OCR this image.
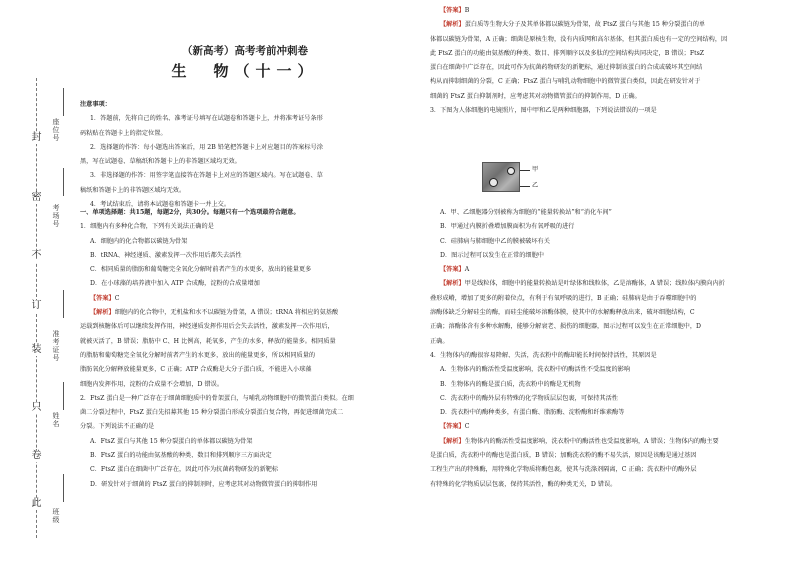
封
密
不
订
装
只
卷
此
座位号
考场号
准考证号
姓名
班级
（新高考）高考考前冲刺卷
生　物（十一）
注意事项：
1．答题前，先将自己的姓名、准考证号填写在试题卷和答题卡上，并将准考证号条形
码粘贴在答题卡上的指定位置。
2．选择题的作答：每小题选出答案后，用 2B 铅笔把答题卡上对应题目的答案标号涂
黑，写在试题卷、草稿纸和答题卡上的非答题区域均无效。
3．非选择题的作答：用签字笔直接答在答题卡上对应的答题区域内。写在试题卷、草
稿纸和答题卡上的非答题区域均无效。
4．考试结束后，请将本试题卷和答题卡一并上交。
一、单项选择题：共15题，每题2分，共30分。每题只有一个选项最符合题意。
1．细胞内有多种化合物，下列有关说法正确的是
A．细胞内的化合物都以碳链为骨架
B．tRNA、神经递质、激素发挥一次作用后都失去活性
C．相同质量的脂肪和葡萄糖完全氧化分解时前者产生的水更多，放出的能量更多
D．在小球藻的培养液中加入 ATP 合成酶，淀粉的合成量增加
【答案】C
【解析】细胞内的化合物中，无机盐和水不以碳链为骨架，A 错误；tRNA 将相应的氨基酸
运载到核糖体后可以继续发挥作用，神经递质发挥作用后会失去活性，激素发挥一次作用后，
就被灭活了，B 错误；脂肪中 C、H 比例高，耗氧多，产生的水多，释放的能量多。相同质量
的脂肪和葡萄糖完全氧化分解时前者产生的水更多，放出的能量更多，所以相同质量的
脂肪氧化分解释放能量更多，C 正确；ATP 合成酶是大分子蛋白质，不能进入小球藻
细胞内发挥作用，淀粉的合成量不会增加，D 错误。
2．FtsZ 蛋白是一种广泛存在于细菌细胞质中的骨架蛋白，与哺乳动物细胞中的微管蛋白类似。在细
菌二分裂过程中，FtsZ 蛋白先招募其他 15 种分裂蛋白形成分裂蛋白复合物，再促进细菌完成二
分裂。下列说法不正确的是
A．FtsZ 蛋白与其他 15 种分裂蛋白的单体都以碳链为骨架
B．FtsZ 蛋白的功能由氨基酸的种类、数目和排列顺序三方面决定
C．FtsZ 蛋白在细菌中广泛存在，因此可作为抗菌药物研发的新靶标
D．研发针对于细菌的 FtsZ 蛋白的抑制剂时，应考虑其对动物微管蛋白的抑制作用
【答案】B
【解析】蛋白质等生物大分子及其单体都以碳链为骨架，故 FtsZ 蛋白与其他 15 种分裂蛋白的单
体都以碳链为骨架，A 正确；细菌是原核生物，没有内质网和高尔基体，但其蛋白质也有一定的空间结构，因
此 FtsZ 蛋白的功能由氨基酸的种类、数目、排列顺序以及多肽的空间结构共同决定，B 错误；FtsZ
蛋白在细菌中广泛存在，因此可作为抗菌药物研发的新靶标，通过抑制该蛋白的合成或破坏其空间结
构从而抑制细菌的分裂，C 正确；FtsZ 蛋白与哺乳动物细胞中的微管蛋白类似，因此在研发针对于
细菌的 FtsZ 蛋白抑制剂时，应考虑其对动物微管蛋白的抑制作用，D 正确。
3．下图为人体细胞的电镜照片，图中甲和乙是两种细胞器，下列说法错误的一项是
甲
乙
A．甲、乙细胞器分别被称为细胞的“能量转换站”和“消化车间”
B．甲通过内膜折叠增加膜面积为有氧呼吸的进行
C．硅肺病与肺细胞中乙的膜被破坏有关
D．图示过程可以发生在正常的细胞中
【答案】A
【解析】甲是线粒体，细胞中的能量转换站是叶绿体和线粒体，乙是溶酶体，A 错误；线粒体内膜向内折
叠形成嵴，增加了更多的附着位点，有利于有氧呼吸的进行，B 正确；硅肺病是由于吞噬细胞中的
溶酶体缺乏分解硅尘的酶，而硅尘能破坏溶酶体膜，使其中的水解酶释放出来，破坏细胞结构，C
正确；溶酶体含有多种水解酶，能够分解衰老、损伤的细胞器，图示过程可以发生在正常细胞中，D
正确。
4．生物体内的酶很容易降解、失活，洗衣粉中的酶却能长时间保持活性，其原因是
A．生物体内的酶活性受温度影响，洗衣粉中的酶活性不受温度的影响
B．生物体内的酶是蛋白质，洗衣粉中的酶是无机物
C．洗衣粉中的酶外层有特殊的化学物质层层包裹，可保持其活性
D．洗衣粉中的酶种类多，有蛋白酶、脂肪酶、淀粉酶和纤维素酶等
【答案】C
【解析】生物体内的酶活性受温度影响，洗衣粉中的酶活性也受温度影响，A 错误；生物体内的酶主要
是蛋白质，洗衣粉中的酶也是蛋白质，B 错误；加酶洗衣粉的酶不易失活，原因是该酶是通过基因
工程生产出的特殊酶，用特殊化学物质将酶包裹，使其与洗涤剂隔离，C 正确；洗衣粉中的酶外层
有特殊的化学物质层层包裹，保持其活性，酶的种类无关，D 错误。
